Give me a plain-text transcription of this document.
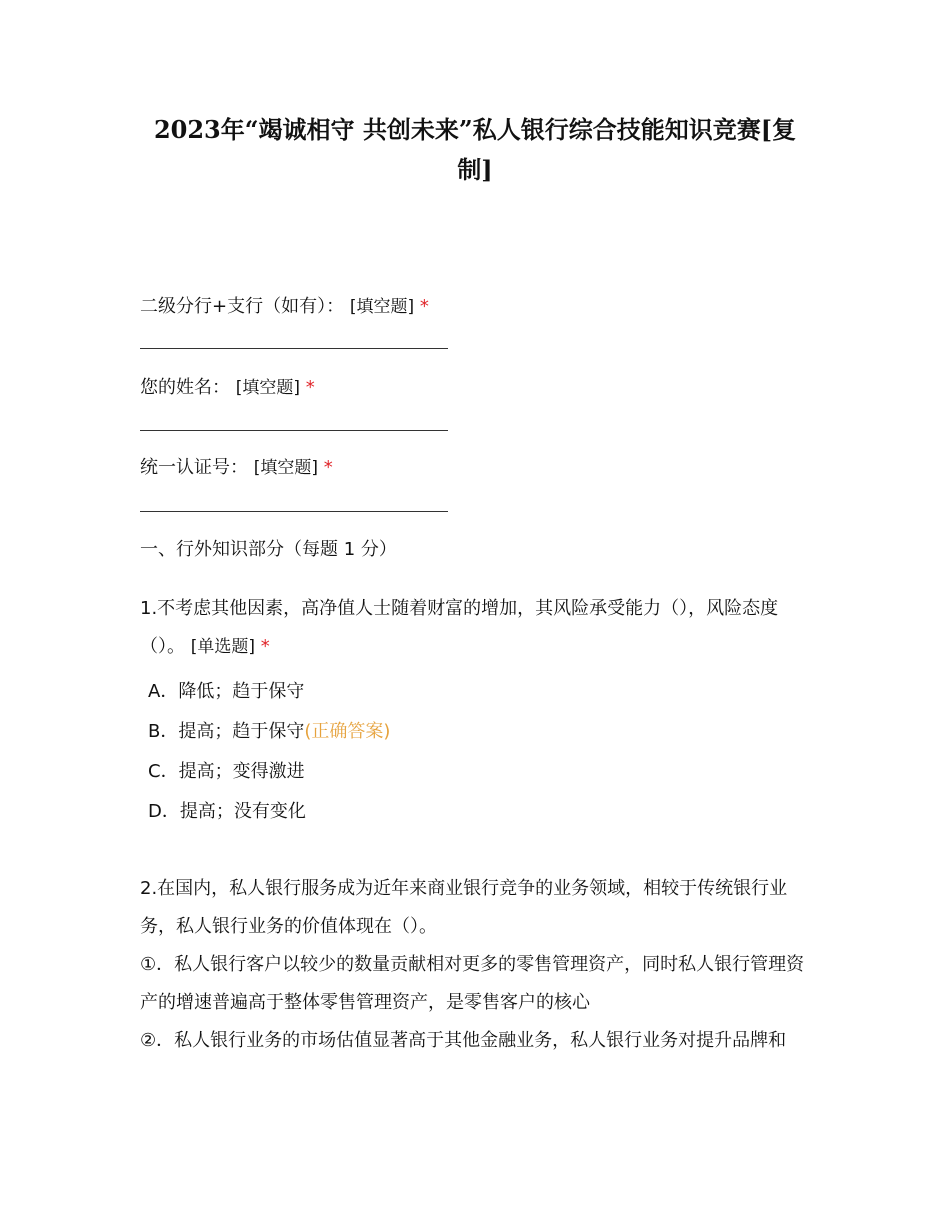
2023年“竭诚相守 共创未来”私人银行综合技能知识竞赛[复制]
二级分行+支行（如有）： [填空题] *
您的姓名： [填空题] *
统一认证号： [填空题] *
一、行外知识部分（每题 1 分）
1.不考虑其他因素，高净值人士随着财富的增加，其风险承受能力（），风险态度（）。 [单选题] *
A．降低；趋于保守
B．提高；趋于保守(正确答案)
C．提高；变得激进
D．提高；没有变化
2.在国内，私人银行服务成为近年来商业银行竞争的业务领域，相较于传统银行业务，私人银行业务的价值体现在（）。
①．私人银行客户以较少的数量贡献相对更多的零售管理资产，同时私人银行管理资产的增速普遍高于整体零售管理资产，是零售客户的核心
②．私人银行业务的市场估值显著高于其他金融业务，私人银行业务对提升品牌和
